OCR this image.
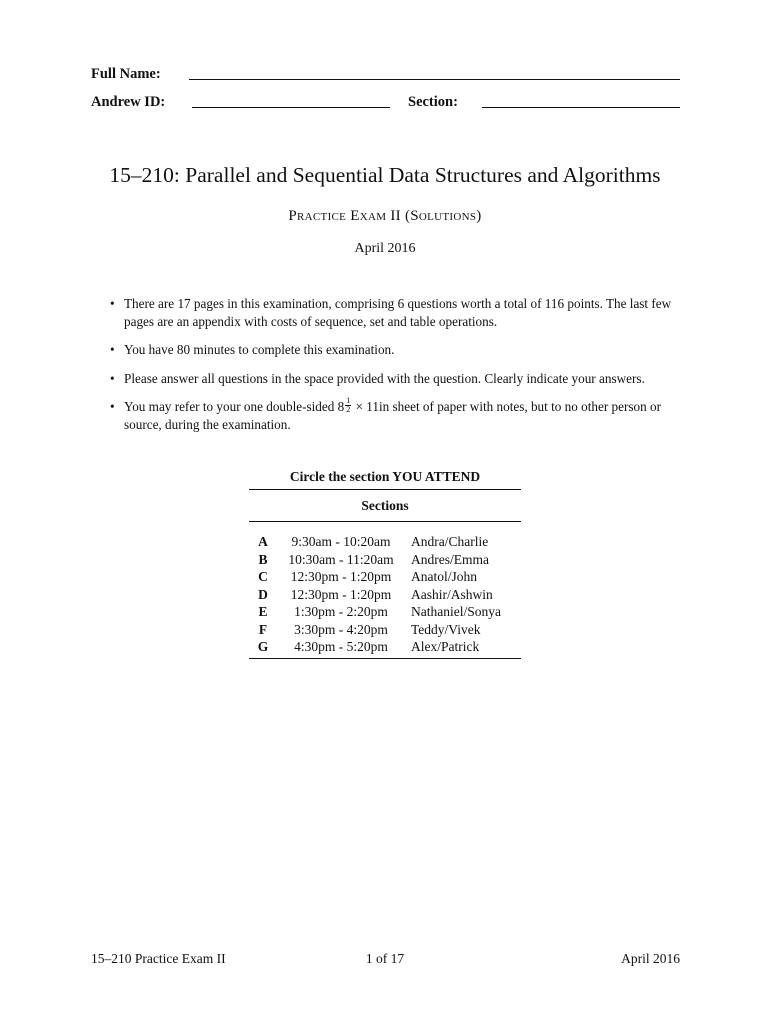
Full Name:
Andrew ID:	Section:
15–210: Parallel and Sequential Data Structures and Algorithms
Practice Exam II (Solutions)
April 2016
• There are 17 pages in this examination, comprising 6 questions worth a total of 116 points. The last few pages are an appendix with costs of sequence, set and table operations.
• You have 80 minutes to complete this examination.
• Please answer all questions in the space provided with the question. Clearly indicate your answers.
• You may refer to your one double-sided $8 \frac{1}{2} \times 11in$ sheet of paper with notes, but to no other person or source, during the examination.
Circle the section YOU ATTEND
Sections
A	9:30am - 10:20am	Andra/Charlie
B	10:30am - 11:20am	Andres/Emma
C	12:30pm - 1:20pm	Anatol/John
D	12:30pm - 1:20pm	Aashir/Ashwin
E	1:30pm - 2:20pm	Nathaniel/Sonya
F	3:30pm - 4:20pm	Teddy/Vivek
G	4:30pm - 5:20pm	Alex/Patrick
15–210 Practice Exam II	1 of 17	April 2016
